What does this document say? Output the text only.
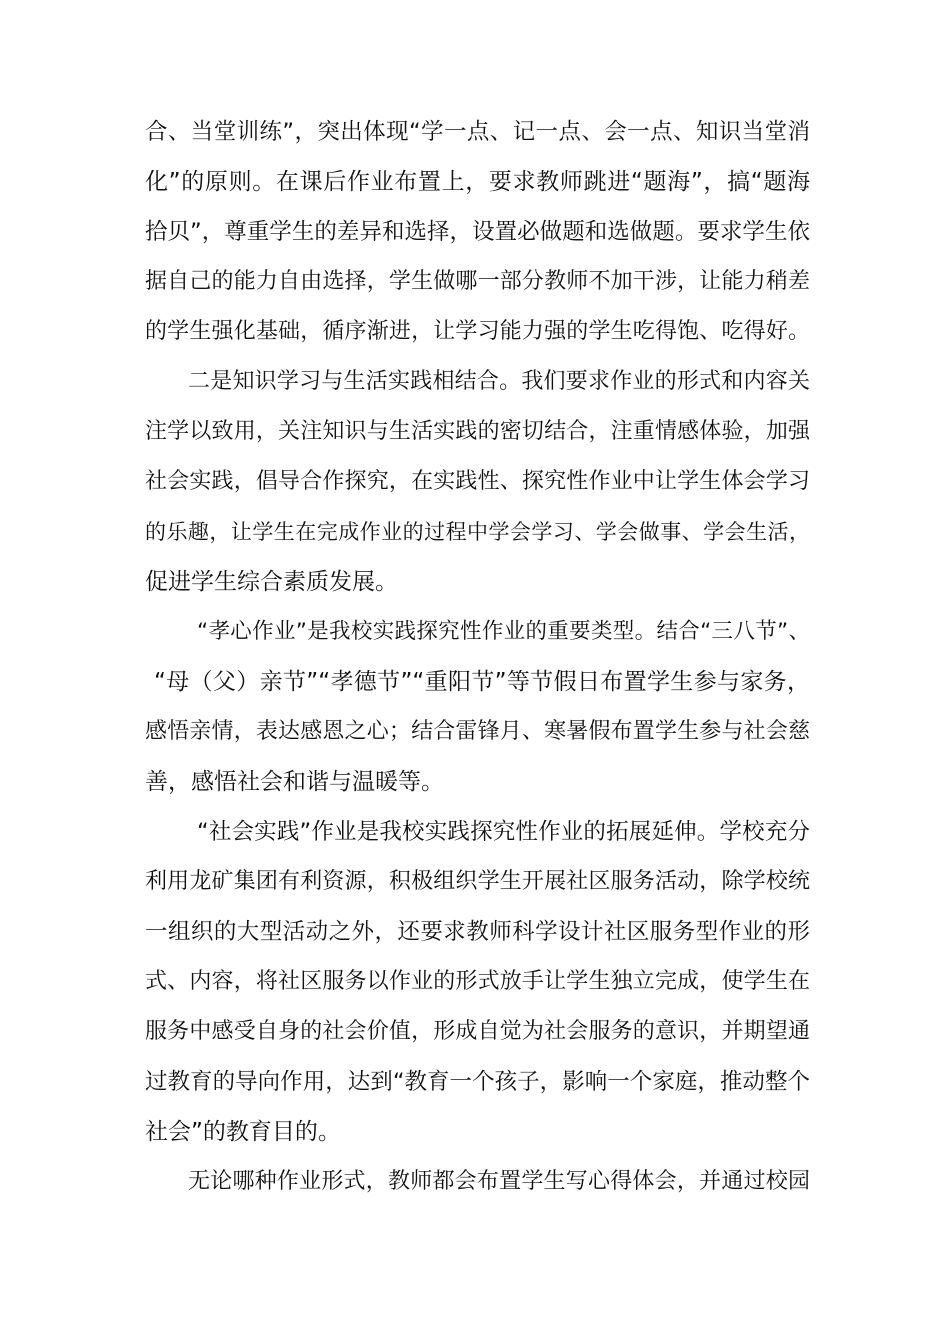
合、当堂训练”，突出体现“学一点、记一点、会一点、知识当堂消
化”的原则。在课后作业布置上，要求教师跳进“题海”，搞“题海
拾贝”，尊重学生的差异和选择，设置必做题和选做题。要求学生依
据自己的能力自由选择，学生做哪一部分教师不加干涉，让能力稍差
的学生强化基础，循序渐进，让学习能力强的学生吃得饱、吃得好。
二是知识学习与生活实践相结合。我们要求作业的形式和内容关
注学以致用，关注知识与生活实践的密切结合，注重情感体验，加强
社会实践，倡导合作探究，在实践性、探究性作业中让学生体会学习
的乐趣，让学生在完成作业的过程中学会学习、学会做事、学会生活，
促进学生综合素质发展。
“孝心作业”是我校实践探究性作业的重要类型。结合“三八节”、
“母（父）亲节”“孝德节”“重阳节”等节假日布置学生参与家务，
感悟亲情，表达感恩之心；结合雷锋月、寒暑假布置学生参与社会慈
善，感悟社会和谐与温暖等。
“社会实践”作业是我校实践探究性作业的拓展延伸。学校充分
利用龙矿集团有利资源，积极组织学生开展社区服务活动，除学校统
一组织的大型活动之外，还要求教师科学设计社区服务型作业的形
式、内容，将社区服务以作业的形式放手让学生独立完成，使学生在
服务中感受自身的社会价值，形成自觉为社会服务的意识，并期望通
过教育的导向作用，达到“教育一个孩子，影响一个家庭，推动整个
社会”的教育目的。
无论哪种作业形式，教师都会布置学生写心得体会，并通过校园
